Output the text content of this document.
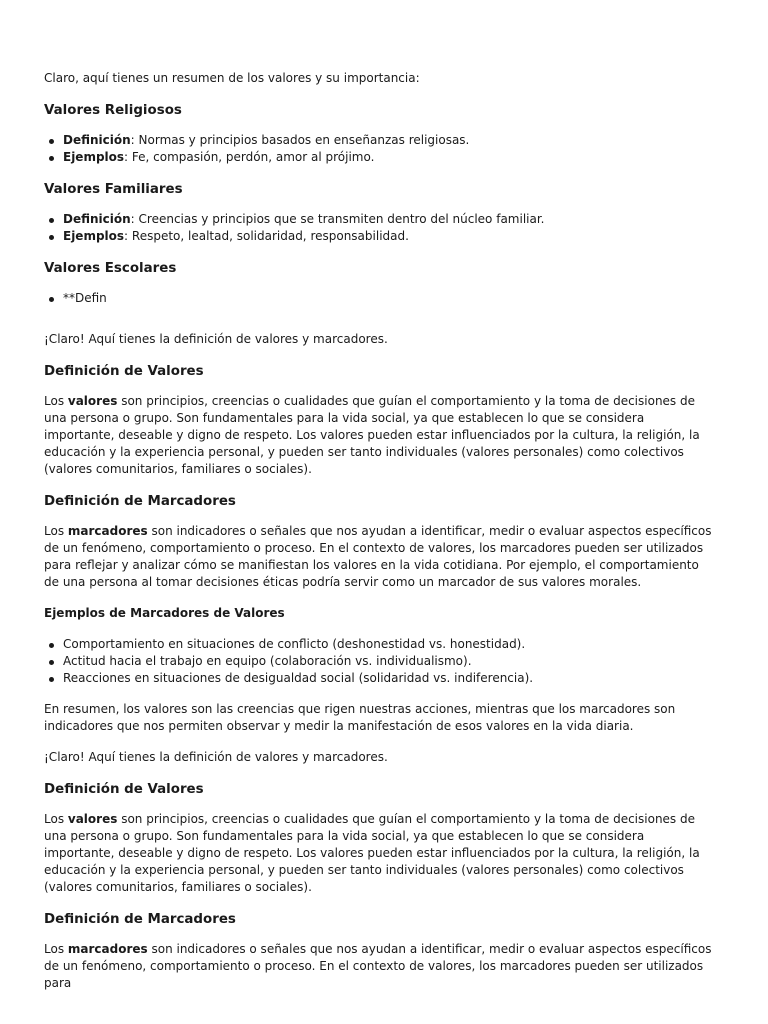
Claro, aquí tienes un resumen de los valores y su importancia:

Valores Religiosos
Definición: Normas y principios basados en enseñanzas religiosas.
Ejemplos: Fe, compasión, perdón, amor al prójimo.
Valores Familiares
Definición: Creencias y principios que se transmiten dentro del núcleo familiar.
Ejemplos: Respeto, lealtad, solidaridad, responsabilidad.
Valores Escolares
**Defin

¡Claro! Aquí tienes la definición de valores y marcadores.

Definición de Valores

Los valores son principios, creencias o cualidades que guían el comportamiento y la toma de decisiones de una persona o grupo. Son fundamentales para la vida social, ya que establecen lo que se considera importante, deseable y digno de respeto. Los valores pueden estar influenciados por la cultura, la religión, la educación y la experiencia personal, y pueden ser tanto individuales (valores personales) como colectivos (valores comunitarios, familiares o sociales).

Definición de Marcadores

Los marcadores son indicadores o señales que nos ayudan a identificar, medir o evaluar aspectos específicos de un fenómeno, comportamiento o proceso. En el contexto de valores, los marcadores pueden ser utilizados para reflejar y analizar cómo se manifiestan los valores en la vida cotidiana. Por ejemplo, el comportamiento de una persona al tomar decisiones éticas podría servir como un marcador de sus valores morales.

Ejemplos de Marcadores de Valores
Comportamiento en situaciones de conflicto (deshonestidad vs. honestidad).
Actitud hacia el trabajo en equipo (colaboración vs. individualismo).
Reacciones en situaciones de desigualdad social (solidaridad vs. indiferencia).

En resumen, los valores son las creencias que rigen nuestras acciones, mientras que los marcadores son indicadores que nos permiten observar y medir la manifestación de esos valores en la vida diaria.

¡Claro! Aquí tienes la definición de valores y marcadores.

Definición de Valores

Los valores son principios, creencias o cualidades que guían el comportamiento y la toma de decisiones de una persona o grupo. Son fundamentales para la vida social, ya que establecen lo que se considera importante, deseable y digno de respeto. Los valores pueden estar influenciados por la cultura, la religión, la educación y la experiencia personal, y pueden ser tanto individuales (valores personales) como colectivos (valores comunitarios, familiares o sociales).

Definición de Marcadores

Los marcadores son indicadores o señales que nos ayudan a identificar, medir o evaluar aspectos específicos de un fenómeno, comportamiento o proceso. En el contexto de valores, los marcadores pueden ser utilizados para
